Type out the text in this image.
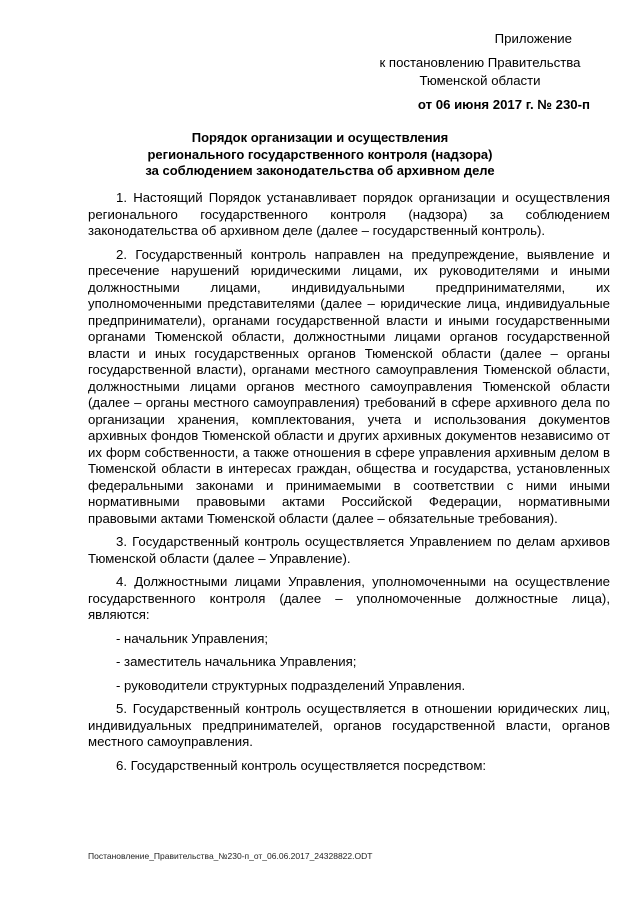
Приложение
к постановлению Правительства
Тюменской области
от 06 июня 2017 г. № 230-п
Порядок организации и осуществления
регионального государственного контроля (надзора)
за соблюдением законодательства об архивном деле

1. Настоящий Порядок устанавливает порядок организации и осуществления регионального государственного контроля (надзора) за соблюдением законодательства об архивном деле (далее – государственный контроль).

2. Государственный контроль направлен на предупреждение, выявление и пресечение нарушений юридическими лицами, их руководителями и иными должностными лицами, индивидуальными предпринимателями, их уполномоченными представителями (далее – юридические лица, индивидуальные предприниматели), органами государственной власти и иными государственными органами Тюменской области, должностными лицами органов государственной власти и иных государственных органов Тюменской области (далее – органы государственной власти), органами местного самоуправления Тюменской области, должностными лицами органов местного самоуправления Тюменской области (далее – органы местного самоуправления) требований в сфере архивного дела по организации хранения, комплектования, учета и использования документов архивных фондов Тюменской области и других архивных документов независимо от их форм собственности, а также отношения в сфере управления архивным делом в Тюменской области в интересах граждан, общества и государства, установленных федеральными законами и принимаемыми в соответствии с ними иными нормативными правовыми актами Российской Федерации, нормативными правовыми актами Тюменской области (далее – обязательные требования).

3. Государственный контроль осуществляется Управлением по делам архивов Тюменской области (далее – Управление).

4. Должностными лицами Управления, уполномоченными на осуществление государственного контроля (далее – уполномоченные должностные лица), являются:

- начальник Управления;

- заместитель начальника Управления;

- руководители структурных подразделений Управления.

5. Государственный контроль осуществляется в отношении юридических лиц, индивидуальных предпринимателей, органов государственной власти, органов местного самоуправления.

6. Государственный контроль осуществляется посредством:

Постановление_Правительства_№230-п_от_06.06.2017_24328822.ODT
